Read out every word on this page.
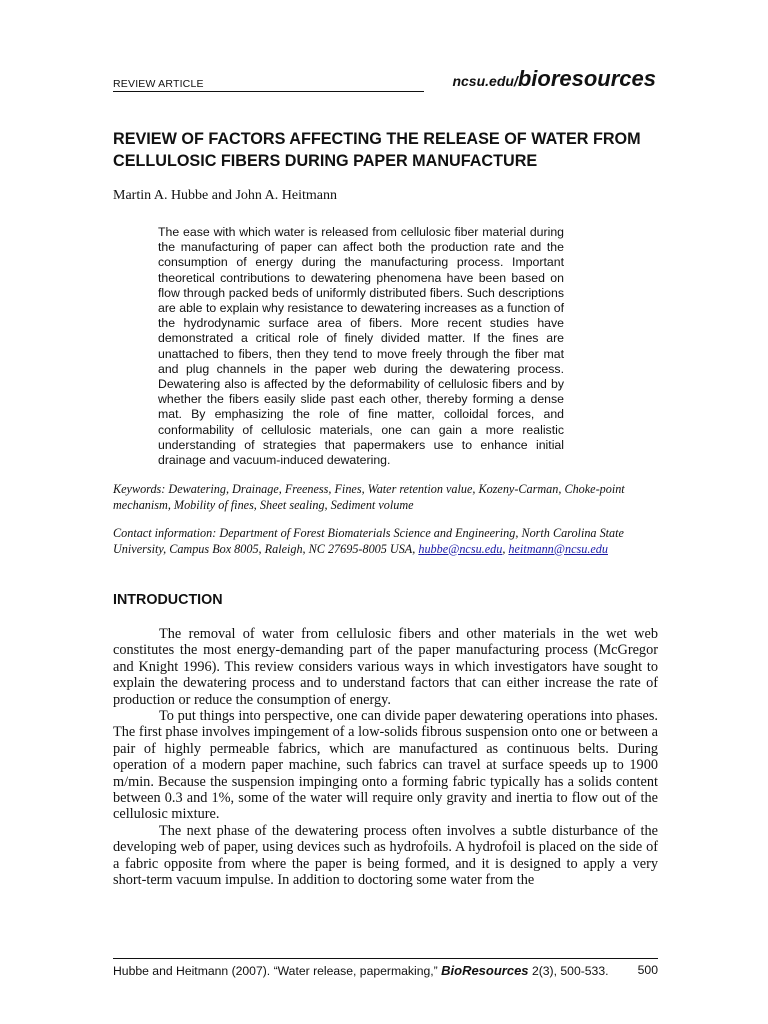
REVIEW ARTICLE	ncsu.edu/bioresources
REVIEW OF FACTORS AFFECTING THE RELEASE OF WATER FROM CELLULOSIC FIBERS DURING PAPER MANUFACTURE

Martin A. Hubbe and John A. Heitmann

The ease with which water is released from cellulosic fiber material during the manufacturing of paper can affect both the production rate and the consumption of energy during the manufacturing process. Important theoretical contributions to dewatering phenomena have been based on flow through packed beds of uniformly distributed fibers. Such descriptions are able to explain why resistance to dewatering increases as a function of the hydrodynamic surface area of fibers. More recent studies have demonstrated a critical role of finely divided matter. If the fines are unattached to fibers, then they tend to move freely through the fiber mat and plug channels in the paper web during the dewatering process. Dewatering also is affected by the deformability of cellulosic fibers and by whether the fibers easily slide past each other, thereby forming a dense mat. By emphasizing the role of fine matter, colloidal forces, and conformability of cellulosic materials, one can gain a more realistic understanding of strategies that papermakers use to enhance initial drainage and vacuum-induced dewatering.

Keywords: Dewatering, Drainage, Freeness, Fines, Water retention value, Kozeny-Carman, Choke-point mechanism, Mobility of fines, Sheet sealing, Sediment volume

Contact information: Department of Forest Biomaterials Science and Engineering, North Carolina State University, Campus Box 8005, Raleigh, NC 27695-8005 USA, hubbe@ncsu.edu, heitmann@ncsu.edu

INTRODUCTION

The removal of water from cellulosic fibers and other materials in the wet web constitutes the most energy-demanding part of the paper manufacturing process (McGregor and Knight 1996). This review considers various ways in which investigators have sought to explain the dewatering process and to understand factors that can either increase the rate of production or reduce the consumption of energy.

To put things into perspective, one can divide paper dewatering operations into phases. The first phase involves impingement of a low-solids fibrous suspension onto one or between a pair of highly permeable fabrics, which are manufactured as continuous belts. During operation of a modern paper machine, such fabrics can travel at surface speeds up to 1900 m/min. Because the suspension impinging onto a forming fabric typically has a solids content between 0.3 and 1%, some of the water will require only gravity and inertia to flow out of the cellulosic mixture.

The next phase of the dewatering process often involves a subtle disturbance of the developing web of paper, using devices such as hydrofoils. A hydrofoil is placed on the side of a fabric opposite from where the paper is being formed, and it is designed to apply a very short-term vacuum impulse. In addition to doctoring some water from the

Hubbe and Heitmann (2007). “Water release, papermaking,” BioResources 2(3), 500-533. 500
